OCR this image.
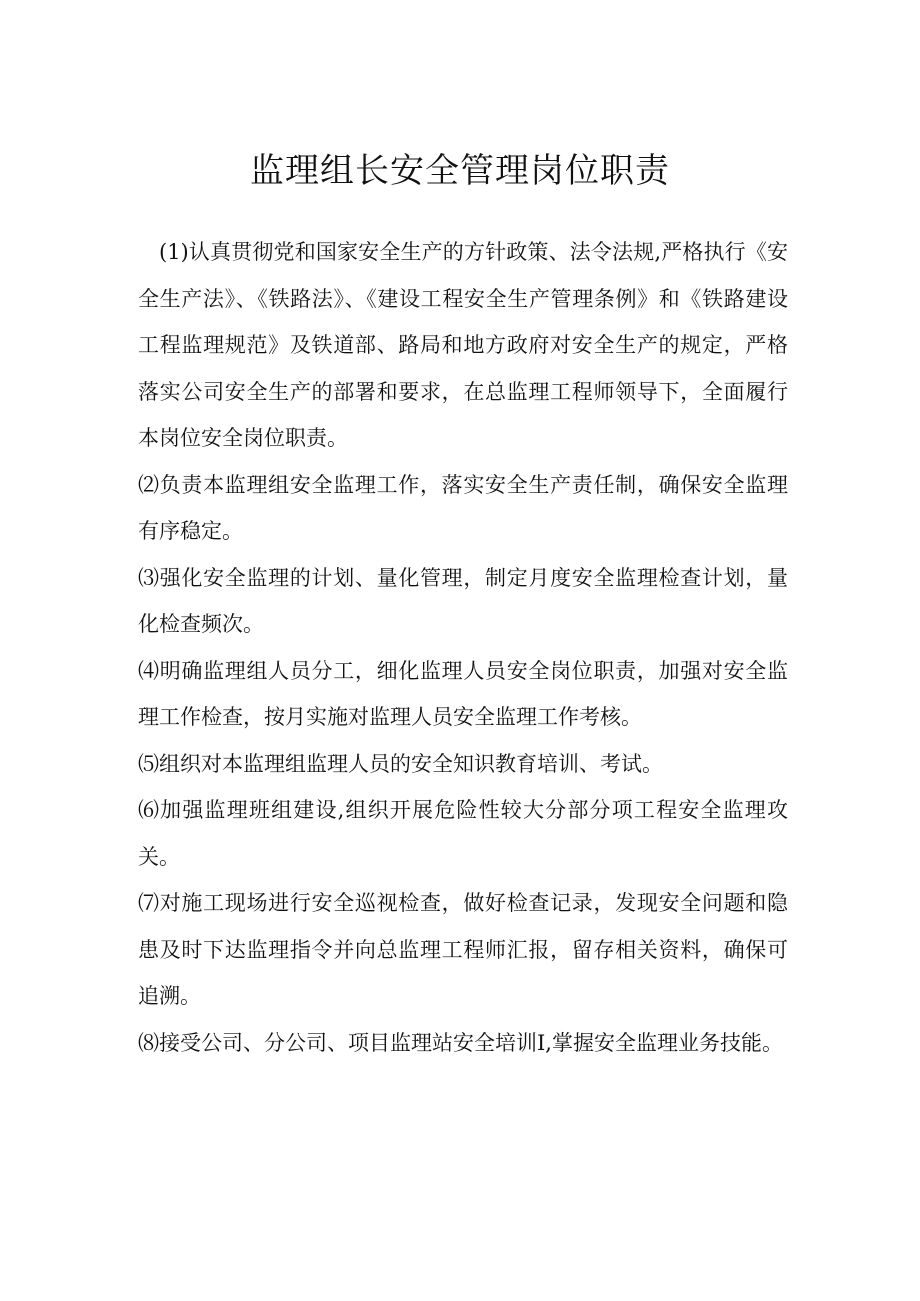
监理组长安全管理岗位职责

(1)认真贯彻党和国家安全生产的方针政策、法令法规,严格执行《安全生产法》、《铁路法》、《建设工程安全生产管理条例》和《铁路建设工程监理规范》及铁道部、路局和地方政府对安全生产的规定，严格落实公司安全生产的部署和要求，在总监理工程师领导下，全面履行本岗位安全岗位职责。

⑵负责本监理组安全监理工作，落实安全生产责任制，确保安全监理有序稳定。

⑶强化安全监理的计划、量化管理，制定月度安全监理检查计划，量化检查频次。

⑷明确监理组人员分工，细化监理人员安全岗位职责，加强对安全监理工作检查，按月实施对监理人员安全监理工作考核。

⑸组织对本监理组监理人员的安全知识教育培训、考试。

⑹加强监理班组建设,组织开展危险性较大分部分项工程安全监理攻关。

⑺对施工现场进行安全巡视检查，做好检查记录，发现安全问题和隐患及时下达监理指令并向总监理工程师汇报，留存相关资料，确保可追溯。

⑻接受公司、分公司、项目监理站安全培训I,掌握安全监理业务技能。
